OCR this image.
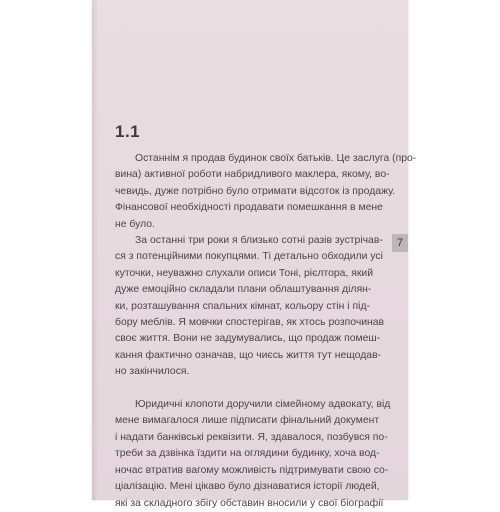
1.1
Останнім я продав будинок своїх батьків. Це заслуга (про-
вина) активної роботи набридливого маклера, якому, во-
чевидь, дуже потрібно було отримати відсоток із продажу.
Фінансової необхідності продавати помешкання в мене
не було.
За останні три роки я близько сотні разів зустрічав-
ся з потенційними покупцями. Ті детально обходили усі
куточки, неуважно слухали описи Тоні, рієлтора, який
дуже емоційно складали плани облаштування ділян-
ки, розташування спальних кімнат, кольору стін і під-
бору меблів. Я мовчки спостерігав, як хтось розпочинав
своє життя. Вони не задумувались, що продаж помеш-
кання фактично означав, що чиєсь життя тут нещодав-
но закінчилося.
Юридичні клопоти доручили сімейному адвокату, від
мене вимагалося лише підписати фінальний документ
і надати банківські реквізити. Я, здавалося, позбувся по-
треби за дзвінка їздити на оглядини будинку, хоча вод-
ночас втратив вагому можливість підтримувати свою со-
ціалізацію. Мені цікаво було дізнаватися історії людей,
які за складного збігу обставин вносили у свої біографії
7
